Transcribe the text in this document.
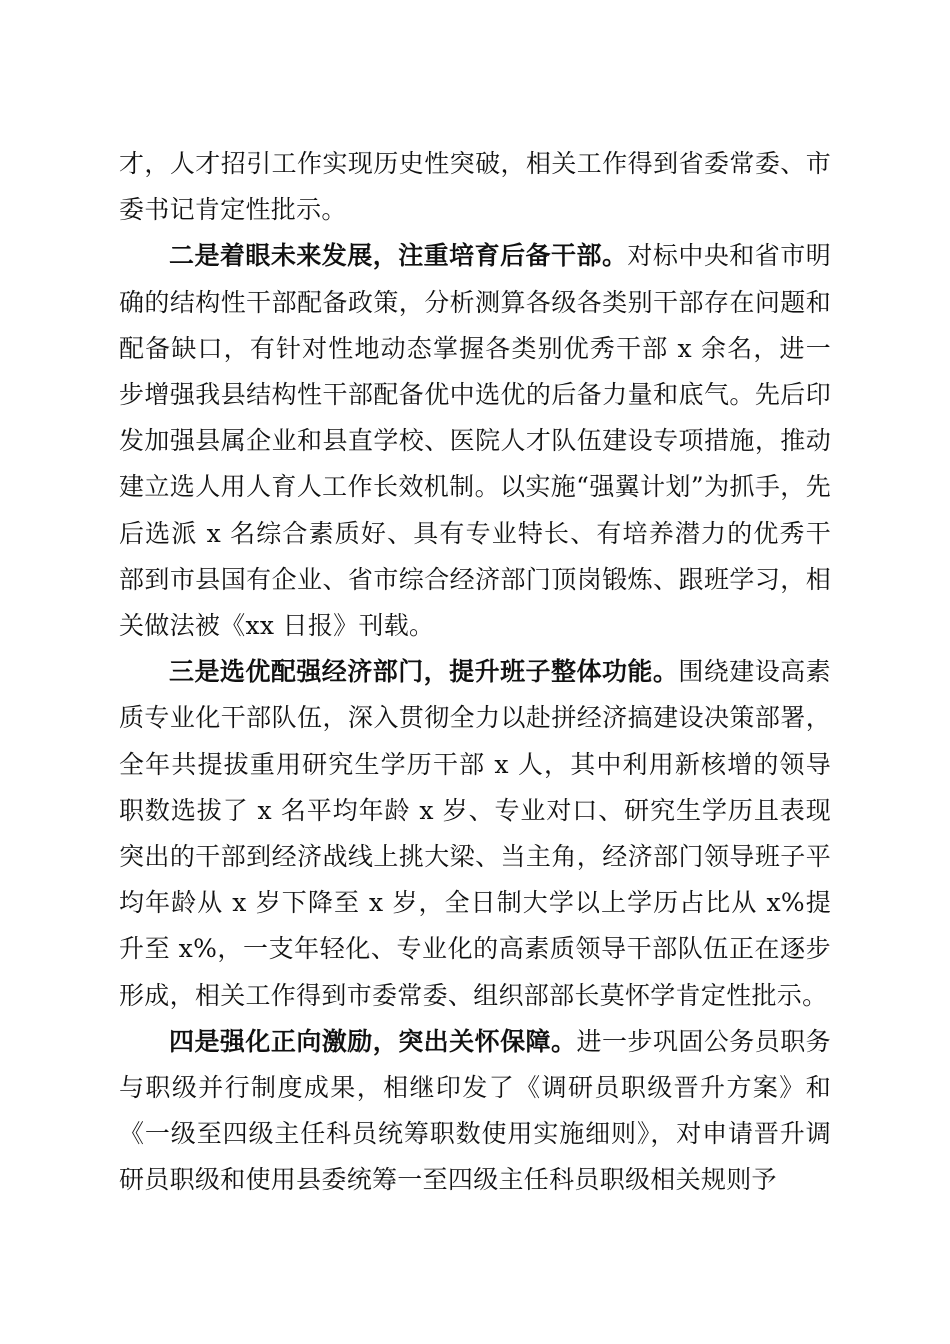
才，人才招引工作实现历史性突破，相关工作得到省委常委、市委书记肯定性批示。

二是着眼未来发展，注重培育后备干部。对标中央和省市明确的结构性干部配备政策，分析测算各级各类别干部存在问题和配备缺口，有针对性地动态掌握各类别优秀干部 x 余名，进一步增强我县结构性干部配备优中选优的后备力量和底气。先后印发加强县属企业和县直学校、医院人才队伍建设专项措施，推动建立选人用人育人工作长效机制。以实施“强翼计划”为抓手，先后选派 x 名综合素质好、具有专业特长、有培养潜力的优秀干部到市县国有企业、省市综合经济部门顶岗锻炼、跟班学习，相关做法被《xx 日报》刊载。

三是选优配强经济部门，提升班子整体功能。围绕建设高素质专业化干部队伍，深入贯彻全力以赴拼经济搞建设决策部署，全年共提拔重用研究生学历干部 x 人，其中利用新核增的领导职数选拔了 x 名平均年龄 x 岁、专业对口、研究生学历且表现突出的干部到经济战线上挑大梁、当主角，经济部门领导班子平均年龄从 x 岁下降至 x 岁，全日制大学以上学历占比从 x%提升至 x%，一支年轻化、专业化的高素质领导干部队伍正在逐步形成，相关工作得到市委常委、组织部部长莫怀学肯定性批示。

四是强化正向激励，突出关怀保障。进一步巩固公务员职务与职级并行制度成果，相继印发了《调研员职级晋升方案》和《一级至四级主任科员统筹职数使用实施细则》，对申请晋升调研员职级和使用县委统筹一至四级主任科员职级相关规则予
